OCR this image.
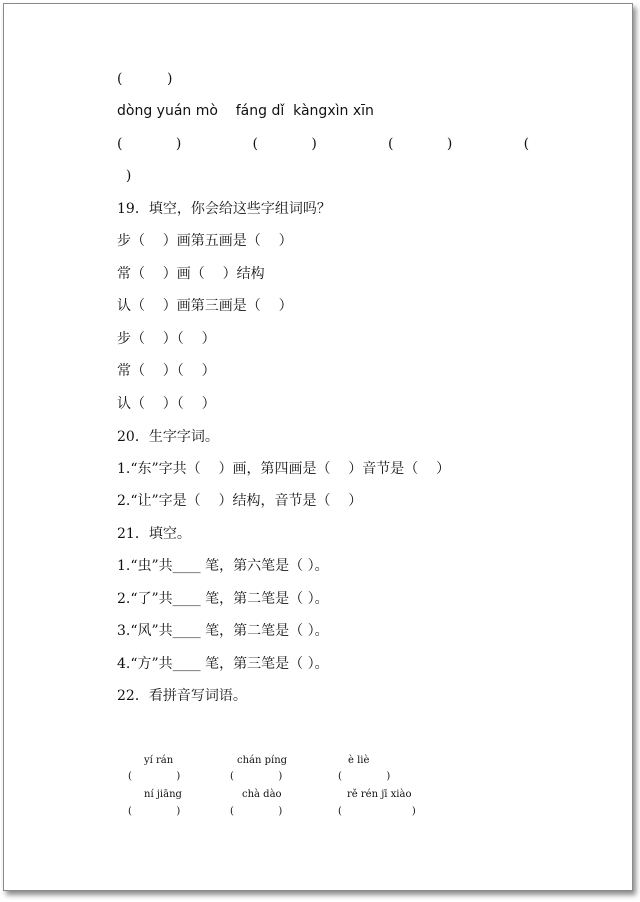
(          )
dòng yuán mò    fáng dǐ  kàngxìn xīn
(            )                (            )                (            )                (
)
19．填空，你会给这些字组词吗？
步（    ）画第五画是（    ）
常（    ）画（    ）结构
认（    ）画第三画是（    ）
步（    ）（    ）
常（    ）（    ）
认（    ）（    ）
20．生字字词。
1.“东”字共（    ）画，第四画是（    ）音节是（    ）
2.“让”字是（    ）结构，音节是（    ）
21．填空。
1.“虫”共____ 笔，第六笔是（ ）。
2.“了”共____ 笔，第二笔是（ ）。
3.“风”共____ 笔，第二笔是（ ）。
4.“方”共____ 笔，第三笔是（ ）。
22．看拼音写词语。
yí rán	chán píng	è liè
(              )	(              )	(              )
ní jiāng	chà dào	rě rén jī xiào
(              )	(              )	(                      )
